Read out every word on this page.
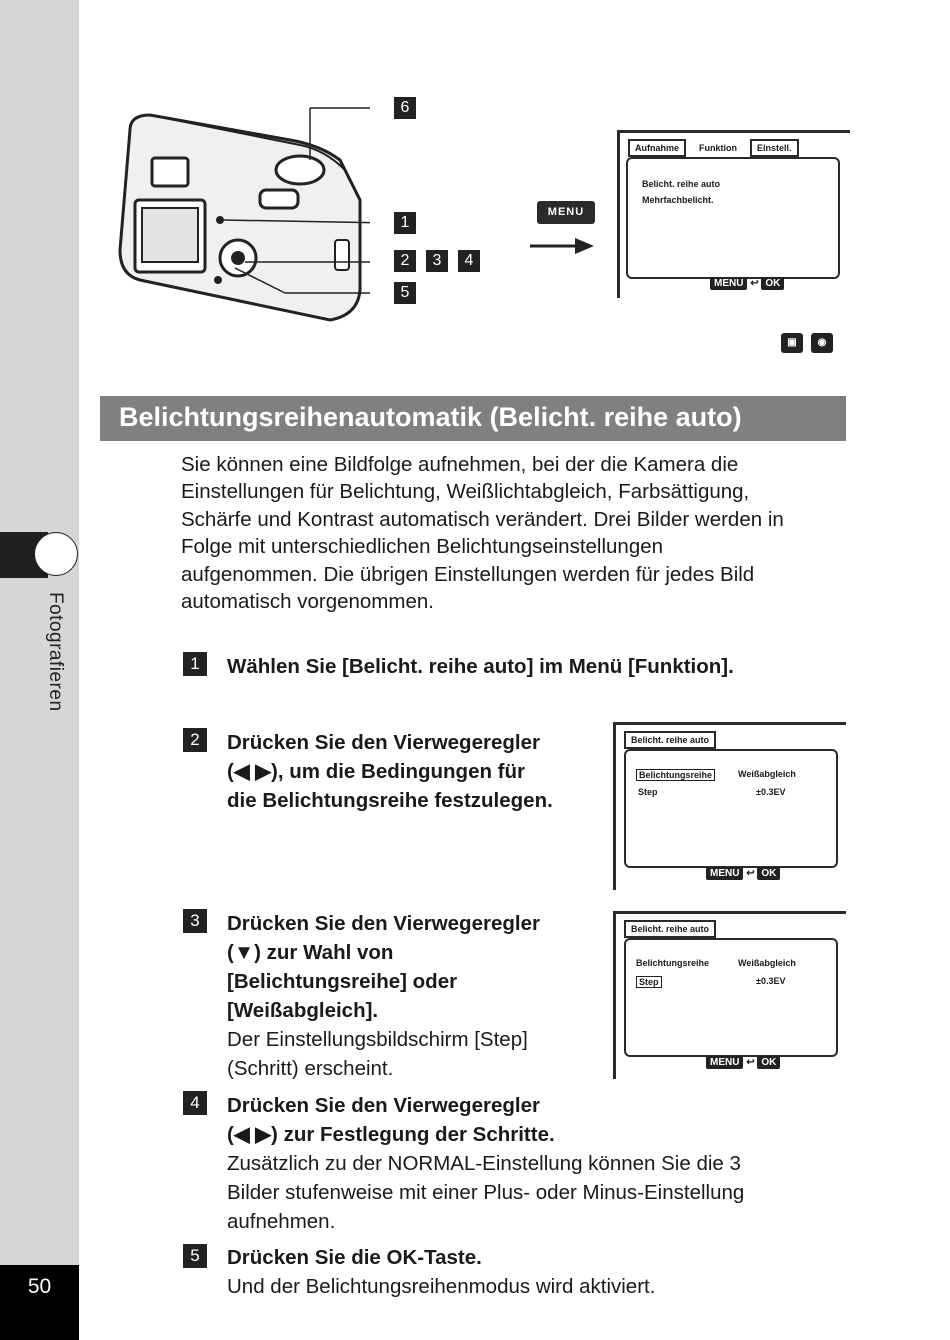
Fotografieren
50
6
1
2	3	4
5
MENU
Aufnahme	Funktion	Einstell.
Belicht. reihe auto
Mehrfachbelicht.
MENU ↩ OK
▣	◉
Belichtungsreihenautomatik (Belicht. reihe auto)
Sie können eine Bildfolge aufnehmen, bei der die Kamera die
Einstellungen für Belichtung, Weißlichtabgleich, Farbsättigung,
Schärfe und Kontrast automatisch verändert. Drei Bilder werden in
Folge mit unterschiedlichen Belichtungseinstellungen
aufgenommen. Die übrigen Einstellungen werden für jedes Bild
automatisch vorgenommen.
1	Wählen Sie [Belicht. reihe auto] im Menü [Funktion].
2	Drücken Sie den Vierwegeregler
(◀ ▶), um die Bedingungen für
die Belichtungsreihe festzulegen.
Belicht. reihe auto
Belichtungsreihe	Weißabgleich
Step	±0.3EV
MENU ↩ OK
3	Drücken Sie den Vierwegeregler
(▼) zur Wahl von
[Belichtungsreihe] oder
[Weißabgleich].
Der Einstellungsbildschirm [Step]
(Schritt) erscheint.
Belicht. reihe auto
Belichtungsreihe	Weißabgleich
Step	±0.3EV
MENU ↩ OK
4	Drücken Sie den Vierwegeregler
(◀ ▶) zur Festlegung der Schritte.
Zusätzlich zu der NORMAL-Einstellung können Sie die 3
Bilder stufenweise mit einer Plus- oder Minus-Einstellung
aufnehmen.
5	Drücken Sie die OK-Taste.
Und der Belichtungsreihenmodus wird aktiviert.
